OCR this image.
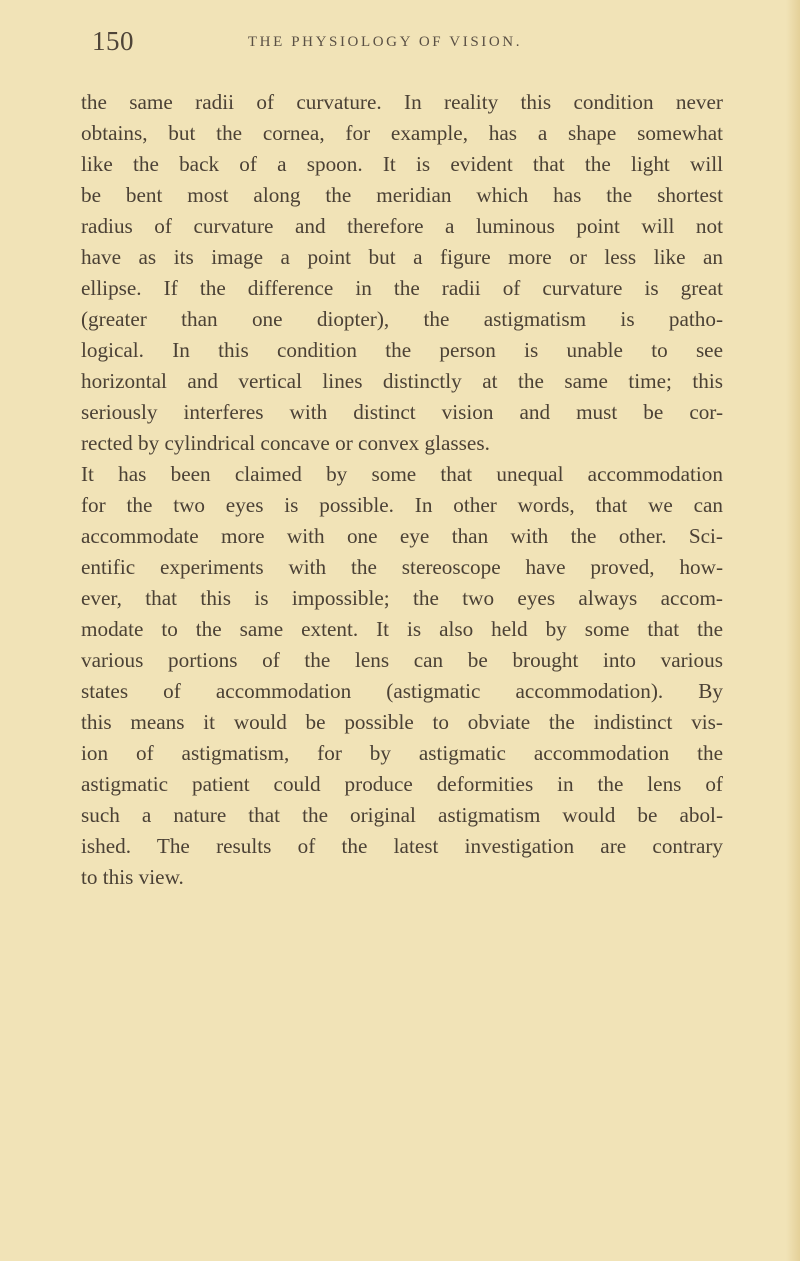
150	THE PHYSIOLOGY OF VISION.
the same radii of curvature. In reality this condition never
obtains, but the cornea, for example, has a shape somewhat
like the back of a spoon. It is evident that the light will
be bent most along the meridian which has the shortest
radius of curvature and therefore a luminous point will not
have as its image a point but a figure more or less like an
ellipse. If the difference in the radii of curvature is great
(greater than one diopter), the astigmatism is patho-
logical. In this condition the person is unable to see
horizontal and vertical lines distinctly at the same time; this
seriously interferes with distinct vision and must be cor-
rected by cylindrical concave or convex glasses.
It has been claimed by some that unequal accommodation
for the two eyes is possible. In other words, that we can
accommodate more with one eye than with the other. Sci-
entific experiments with the stereoscope have proved, how-
ever, that this is impossible; the two eyes always accom-
modate to the same extent. It is also held by some that the
various portions of the lens can be brought into various
states of accommodation (astigmatic accommodation). By
this means it would be possible to obviate the indistinct vis-
ion of astigmatism, for by astigmatic accommodation the
astigmatic patient could produce deformities in the lens of
such a nature that the original astigmatism would be abol-
ished. The results of the latest investigation are contrary
to this view.
